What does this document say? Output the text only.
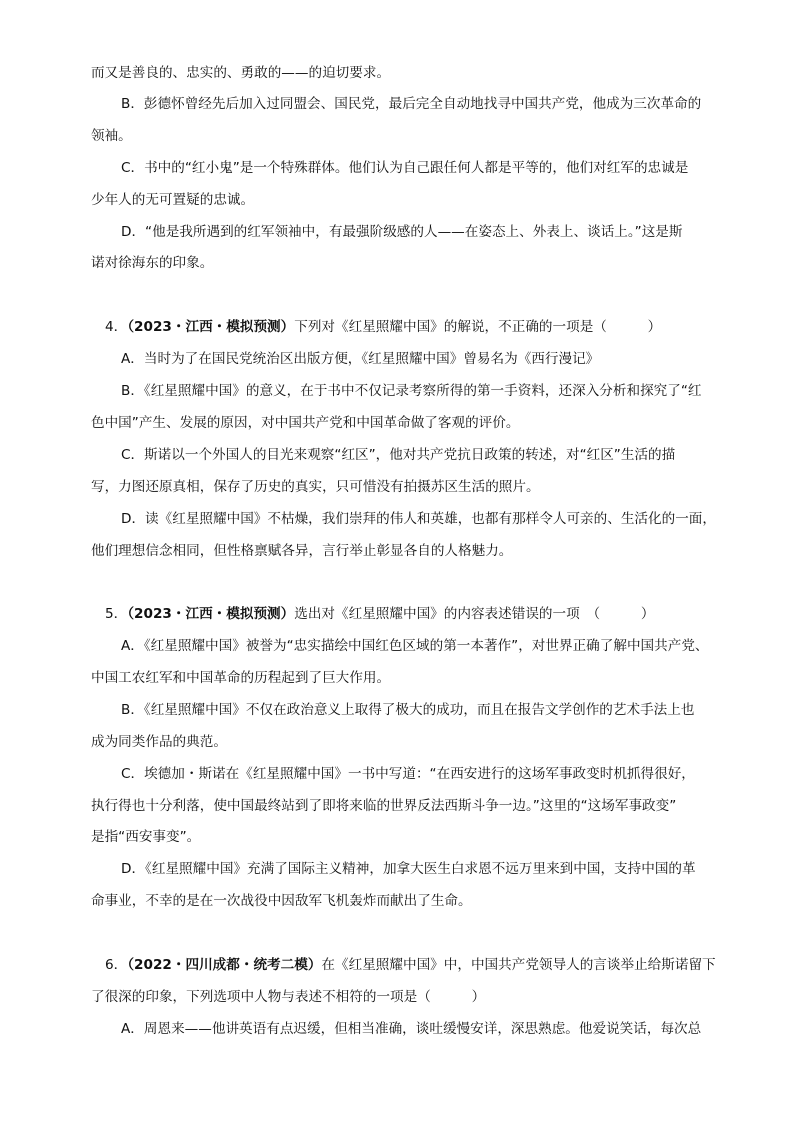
而又是善良的、忠实的、勇敢的——的迫切要求。
B．彭德怀曾经先后加入过同盟会、国民党，最后完全自动地找寻中国共产党，他成为三次革命的
领袖。
C．书中的“红小鬼”是一个特殊群体。他们认为自己跟任何人都是平等的，他们对红军的忠诚是
少年人的无可置疑的忠诚。
D．“他是我所遇到的红军领袖中，有最强阶级感的人——在姿态上、外表上、谈话上。”这是斯
诺对徐海东的印象。
4．（2023・江西・模拟预测）下列对《红星照耀中国》的解说，不正确的一项是（　　　）
A．当时为了在国民党统治区出版方便，《红星照耀中国》曾易名为《西行漫记》
B．《红星照耀中国》的意义，在于书中不仅记录考察所得的第一手资料，还深入分析和探究了“红
色中国”产生、发展的原因，对中国共产党和中国革命做了客观的评价。
C．斯诺以一个外国人的目光来观察“红区”，他对共产党抗日政策的转述，对“红区”生活的描
写，力图还原真相，保存了历史的真实，只可惜没有拍摄苏区生活的照片。
D．读《红星照耀中国》不枯燥，我们崇拜的伟人和英雄，也都有那样令人可亲的、生活化的一面，
他们理想信念相同，但性格禀赋各异，言行举止彰显各自的人格魅力。
5．（2023・江西・模拟预测）选出对《红星照耀中国》的内容表述错误的一项　（　　　）
A．《红星照耀中国》被誉为“忠实描绘中国红色区域的第一本著作”，对世界正确了解中国共产党、
中国工农红军和中国革命的历程起到了巨大作用。
B．《红星照耀中国》不仅在政治意义上取得了极大的成功，而且在报告文学创作的艺术手法上也
成为同类作品的典范。
C．埃德加・斯诺在《红星照耀中国》一书中写道：“在西安进行的这场军事政变时机抓得很好，
执行得也十分利落，使中国最终站到了即将来临的世界反法西斯斗争一边。”这里的“这场军事政变”
是指“西安事变”。
D．《红星照耀中国》充满了国际主义精神，加拿大医生白求恩不远万里来到中国，支持中国的革
命事业，不幸的是在一次战役中因敌军飞机轰炸而献出了生命。
6．（2022・四川成都・统考二模）在《红星照耀中国》中，中国共产党领导人的言谈举止给斯诺留下
了很深的印象，下列选项中人物与表述不相符的一项是（　　　）
A．周恩来——他讲英语有点迟缓，但相当准确，谈吐缓慢安详，深思熟虑。他爱说笑话，每次总
